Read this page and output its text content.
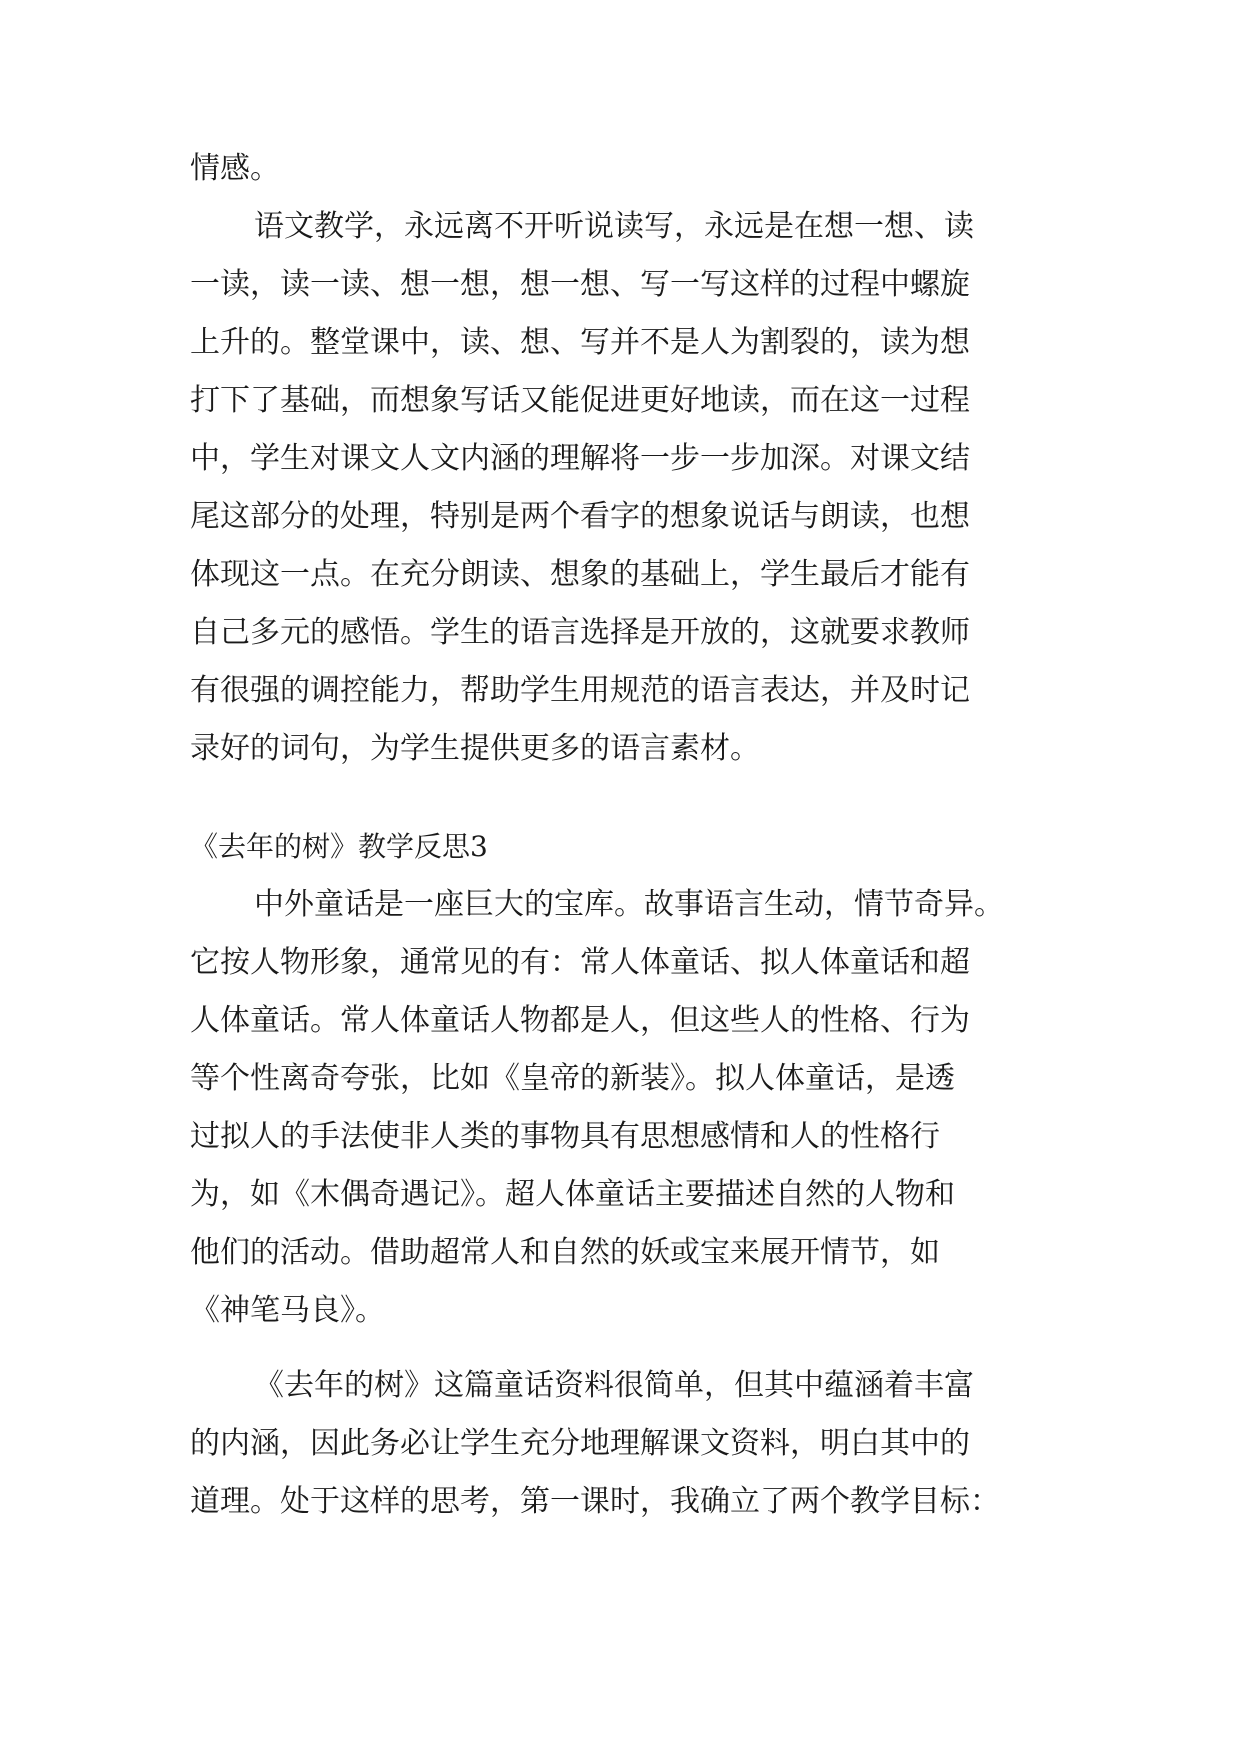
情感。
语文教学，永远离不开听说读写，永远是在想一想、读
一读，读一读、想一想，想一想、写一写这样的过程中螺旋
上升的。整堂课中，读、想、写并不是人为割裂的，读为想
打下了基础，而想象写话又能促进更好地读，而在这一过程
中，学生对课文人文内涵的理解将一步一步加深。对课文结
尾这部分的处理，特别是两个看字的想象说话与朗读，也想
体现这一点。在充分朗读、想象的基础上，学生最后才能有
自己多元的感悟。学生的语言选择是开放的，这就要求教师
有很强的调控能力，帮助学生用规范的语言表达，并及时记
录好的词句，为学生提供更多的语言素材。
《去年的树》教学反思3
中外童话是一座巨大的宝库。故事语言生动，情节奇异。
它按人物形象，通常见的有：常人体童话、拟人体童话和超
人体童话。常人体童话人物都是人，但这些人的性格、行为
等个性离奇夸张，比如《皇帝的新装》。拟人体童话，是透
过拟人的手法使非人类的事物具有思想感情和人的性格行
为，如《木偶奇遇记》。超人体童话主要描述自然的人物和
他们的活动。借助超常人和自然的妖或宝来展开情节，如
《神笔马良》。
《去年的树》这篇童话资料很简单，但其中蕴涵着丰富
的内涵，因此务必让学生充分地理解课文资料，明白其中的
道理。处于这样的思考，第一课时，我确立了两个教学目标：
